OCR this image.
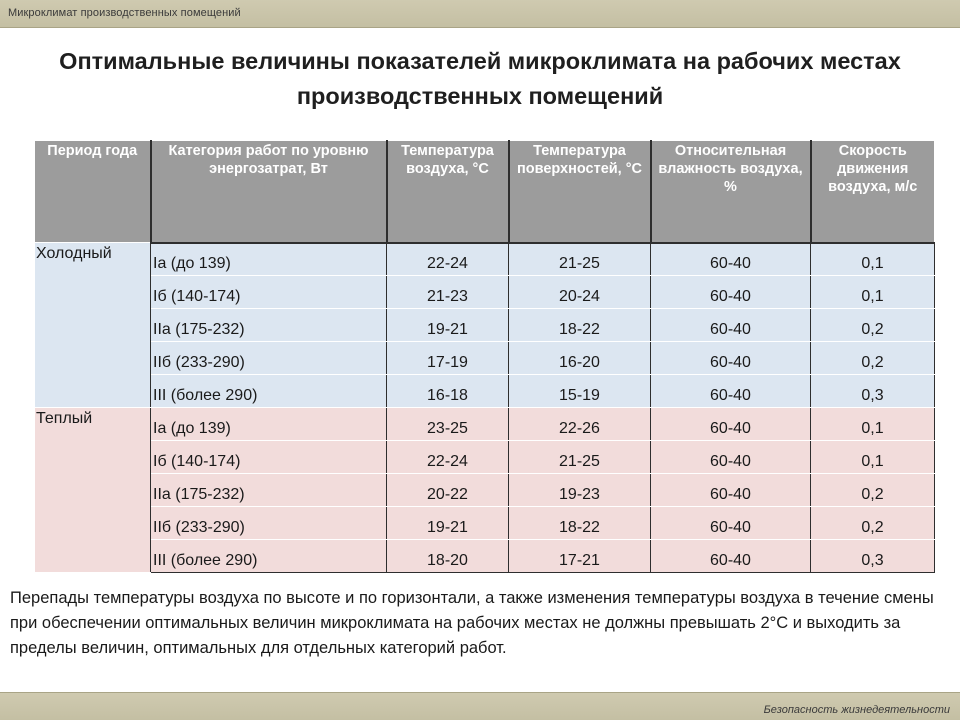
Микроклимат производственных помещений
Оптимальные величины показателей микроклимата на рабочих местах производственных помещений
Период года	Категория работ по уровню энергозатрат, Вт	Температура воздуха, °С	Температура поверхностей, °С	Относительная влажность воздуха, %	Скорость движения воздуха, м/с
Холодный	Ia (до 139)	22-24	21-25	60-40	0,1
	Iб (140-174)	21-23	20-24	60-40	0,1
	IIa (175-232)	19-21	18-22	60-40	0,2
	IIб (233-290)	17-19	16-20	60-40	0,2
	III (более 290)	16-18	15-19	60-40	0,3
Теплый	Ia (до 139)	23-25	22-26	60-40	0,1
	Iб (140-174)	22-24	21-25	60-40	0,1
	IIa (175-232)	20-22	19-23	60-40	0,2
	IIб (233-290)	19-21	18-22	60-40	0,2
	III (более 290)	18-20	17-21	60-40	0,3

Перепады температуры воздуха по высоте и по горизонтали, а также изменения температуры воздуха в течение смены при обеспечении оптимальных величин микроклимата на рабочих местах не должны превышать 2°С и выходить за пределы величин, оптимальных для отдельных категорий работ.

Безопасность жизнедеятельности
